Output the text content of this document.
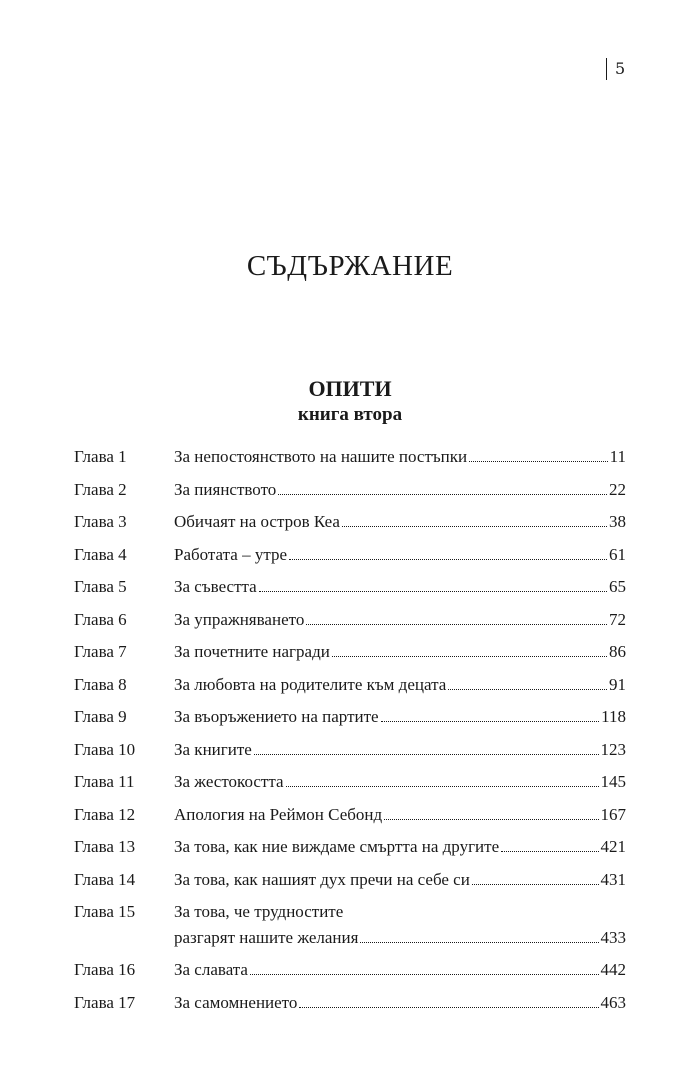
5
СЪДЪРЖАНИЕ
ОПИТИ
книга втора
Глава 1	За непостоянството на нашите постъпки	11
Глава 2	За пиянството	22
Глава 3	Обичаят на остров Кеа	38
Глава 4	Работата – утре	61
Глава 5	За съвестта	65
Глава 6	За упражняването	72
Глава 7	За почетните награди	86
Глава 8	За любовта на родителите към децата	91
Глава 9	За въоръжението на партите	118
Глава 10	За книгите	123
Глава 11	За жестокостта	145
Глава 12	Апология на Реймон Себонд	167
Глава 13	За това, как ние виждаме смъртта на другите	421
Глава 14	За това, как нашият дух пречи на себе си	431
Глава 15	За това, че трудностите
разгарят нашите желания	433
Глава 16	За славата	442
Глава 17	За самомнението	463
